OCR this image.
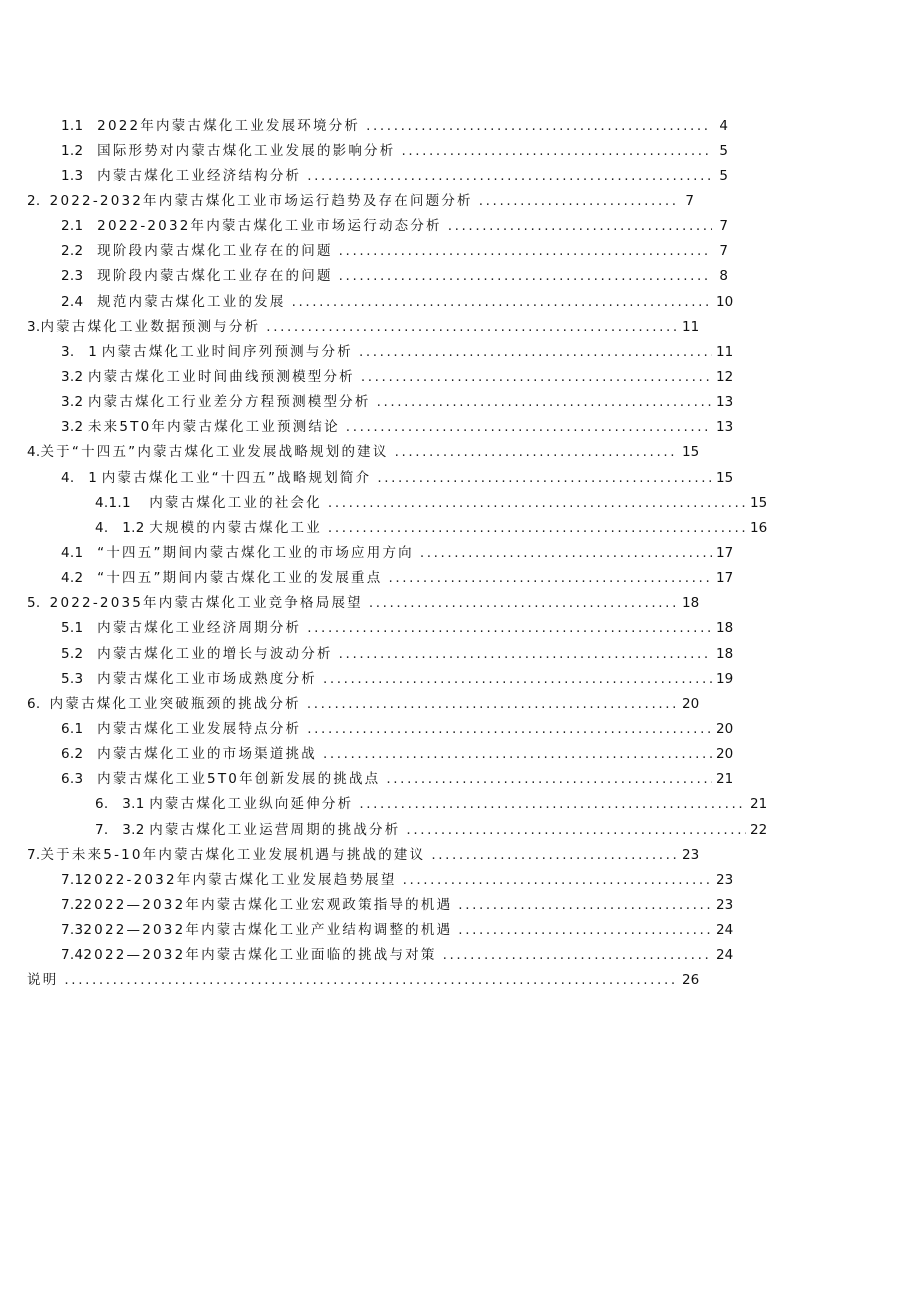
1.1 2022年内蒙古煤化工业发展环境分析 .....	4
1.2 国际形势对内蒙古煤化工业发展的影响分析 .....	5
1.3 内蒙古煤化工业经济结构分析 .....	5
2. 2022-2032年内蒙古煤化工业市场运行趋势及存在问题分析 .....	7
2.1 2022-2032年内蒙古煤化工业市场运行动态分析 .....	7
2.2 现阶段内蒙古煤化工业存在的问题 .....	7
2.3 现阶段内蒙古煤化工业存在的问题 .....	8
2.4 规范内蒙古煤化工业的发展 .....	10
3. 内蒙古煤化工业数据预测与分析 .....	11
3.   1 内蒙古煤化工业时间序列预测与分析 .....	11
3.2 内蒙古煤化工业时间曲线预测模型分析 .....	12
3.2 内蒙古煤化工行业差分方程预测模型分析 .....	13
3.2 未来5T0年内蒙古煤化工业预测结论 .....	13
4. 关于“十四五”内蒙古煤化工业发展战略规划的建议 .....	15
4.   1 内蒙古煤化工业“十四五”战略规划简介 .....	15
4.1.1 内蒙古煤化工业的社会化 .....	15
4.   1.2 大规模的内蒙古煤化工业 .....	16
4.1 “十四五”期间内蒙古煤化工业的市场应用方向 .....	17
4.2 “十四五”期间内蒙古煤化工业的发展重点 .....	17
5. 2022-2035年内蒙古煤化工业竞争格局展望 .....	18
5.1 内蒙古煤化工业经济周期分析 .....	18
5.2 内蒙古煤化工业的增长与波动分析 .....	18
5.3 内蒙古煤化工业市场成熟度分析 .....	19
6. 内蒙古煤化工业突破瓶颈的挑战分析 .....	20
6.1 内蒙古煤化工业发展特点分析 .....	20
6.2 内蒙古煤化工业的市场渠道挑战 .....	20
6.3 内蒙古煤化工业5T0年创新发展的挑战点 .....	21
6.   3.1 内蒙古煤化工业纵向延伸分析 .....	21
7.   3.2 内蒙古煤化工业运营周期的挑战分析 .....	22
7. 关于未来5-10年内蒙古煤化工业发展机遇与挑战的建议 .....	23
7.1 2022-2032年内蒙古煤化工业发展趋势展望 .....	23
7.2 2022—2032年内蒙古煤化工业宏观政策指导的机遇 .....	23
7.3 2022—2032年内蒙古煤化工业产业结构调整的机遇 .....	24
7.4 2022—2032年内蒙古煤化工业面临的挑战与对策 .....	24
说明 .....	26
